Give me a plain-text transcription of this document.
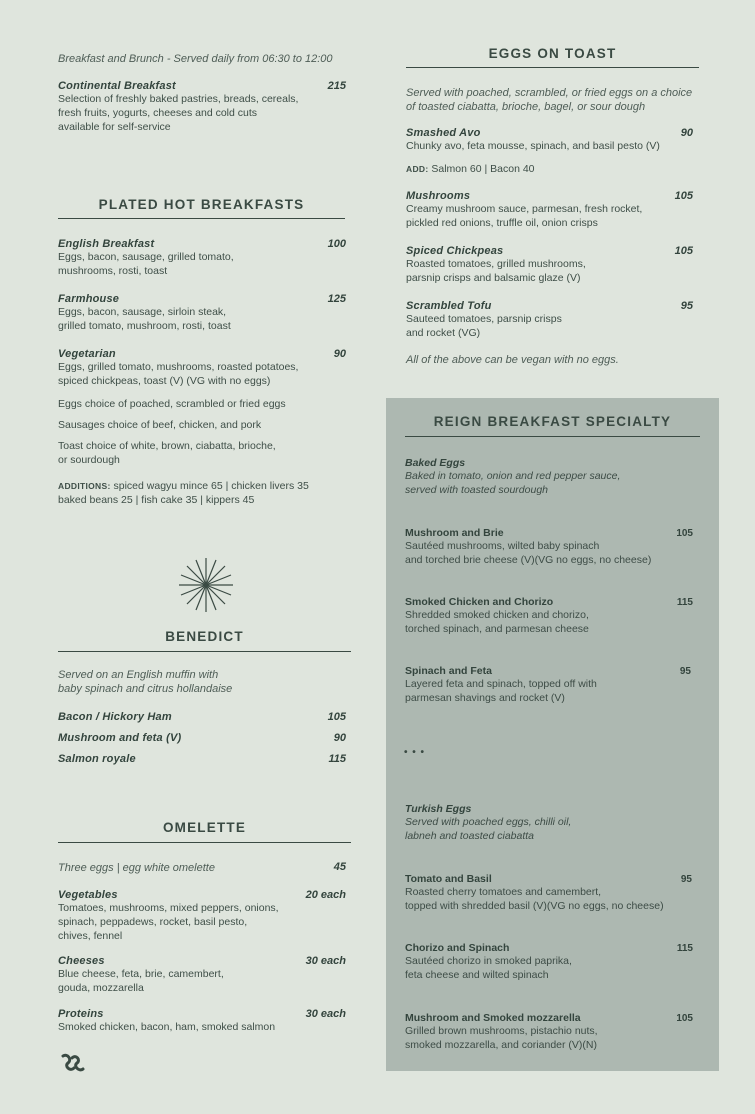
Breakfast and Brunch - Served daily from 06:30 to 12:00
Continental Breakfast	215
Selection of freshly baked pastries, breads, cereals,
fresh fruits, yogurts, cheeses and cold cuts
available for self-service
PLATED HOT BREAKFASTS
English Breakfast	100
Eggs, bacon, sausage, grilled tomato,
mushrooms, rosti, toast
Farmhouse	125
Eggs, bacon, sausage, sirloin steak,
grilled tomato, mushroom, rosti, toast
Vegetarian	90
Eggs, grilled tomato, mushrooms, roasted potatoes,
spiced chickpeas, toast (V) (VG with no eggs)
Eggs choice of poached, scrambled or fried eggs
Sausages choice of beef, chicken, and pork
Toast choice of white, brown, ciabatta, brioche,
or sourdough
ADDITIONS: spiced wagyu mince 65 | chicken livers 35
baked beans 25 | fish cake 35 | kippers 45
BENEDICT
Served on an English muffin with
baby spinach and citrus hollandaise
Bacon / Hickory Ham	105
Mushroom and feta (V)	90
Salmon royale	115
OMELETTE
Three eggs | egg white omelette	45
Vegetables	20 each
Tomatoes, mushrooms, mixed peppers, onions,
spinach, peppadews, rocket, basil pesto,
chives, fennel
Cheeses	30 each
Blue cheese, feta, brie, camembert,
gouda, mozzarella
Proteins	30 each
Smoked chicken, bacon, ham, smoked salmon
EGGS ON TOAST
Served with poached, scrambled, or fried eggs on a choice
of toasted ciabatta, brioche, bagel, or sour dough
Smashed Avo	90
Chunky avo, feta mousse, spinach, and basil pesto (V)
ADD: Salmon 60 | Bacon 40
Mushrooms	105
Creamy mushroom sauce, parmesan, fresh rocket,
pickled red onions, truffle oil, onion crisps
Spiced Chickpeas	105
Roasted tomatoes, grilled mushrooms,
parsnip crisps and balsamic glaze (V)
Scrambled Tofu	95
Sauteed tomatoes, parsnip crisps
and rocket (VG)
All of the above can be vegan with no eggs.
REIGN BREAKFAST SPECIALTY
Baked Eggs
Baked in tomato, onion and red pepper sauce,
served with toasted sourdough
Mushroom and Brie	105
Sautéed mushrooms, wilted baby spinach
and torched brie cheese (V)(VG no eggs, no cheese)
Smoked Chicken and Chorizo	115
Shredded smoked chicken and chorizo,
torched spinach, and parmesan cheese
Spinach and Feta	95
Layered feta and spinach, topped off with
parmesan shavings and rocket (V)
• • •
Turkish Eggs
Served with poached eggs, chilli oil,
labneh and toasted ciabatta
Tomato and Basil	95
Roasted cherry tomatoes and camembert,
topped with shredded basil (V)(VG no eggs, no cheese)
Chorizo and Spinach	115
Sautéed chorizo in smoked paprika,
feta cheese and wilted spinach
Mushroom and Smoked mozzarella	105
Grilled brown mushrooms, pistachio nuts,
smoked mozzarella, and coriander (V)(N)
